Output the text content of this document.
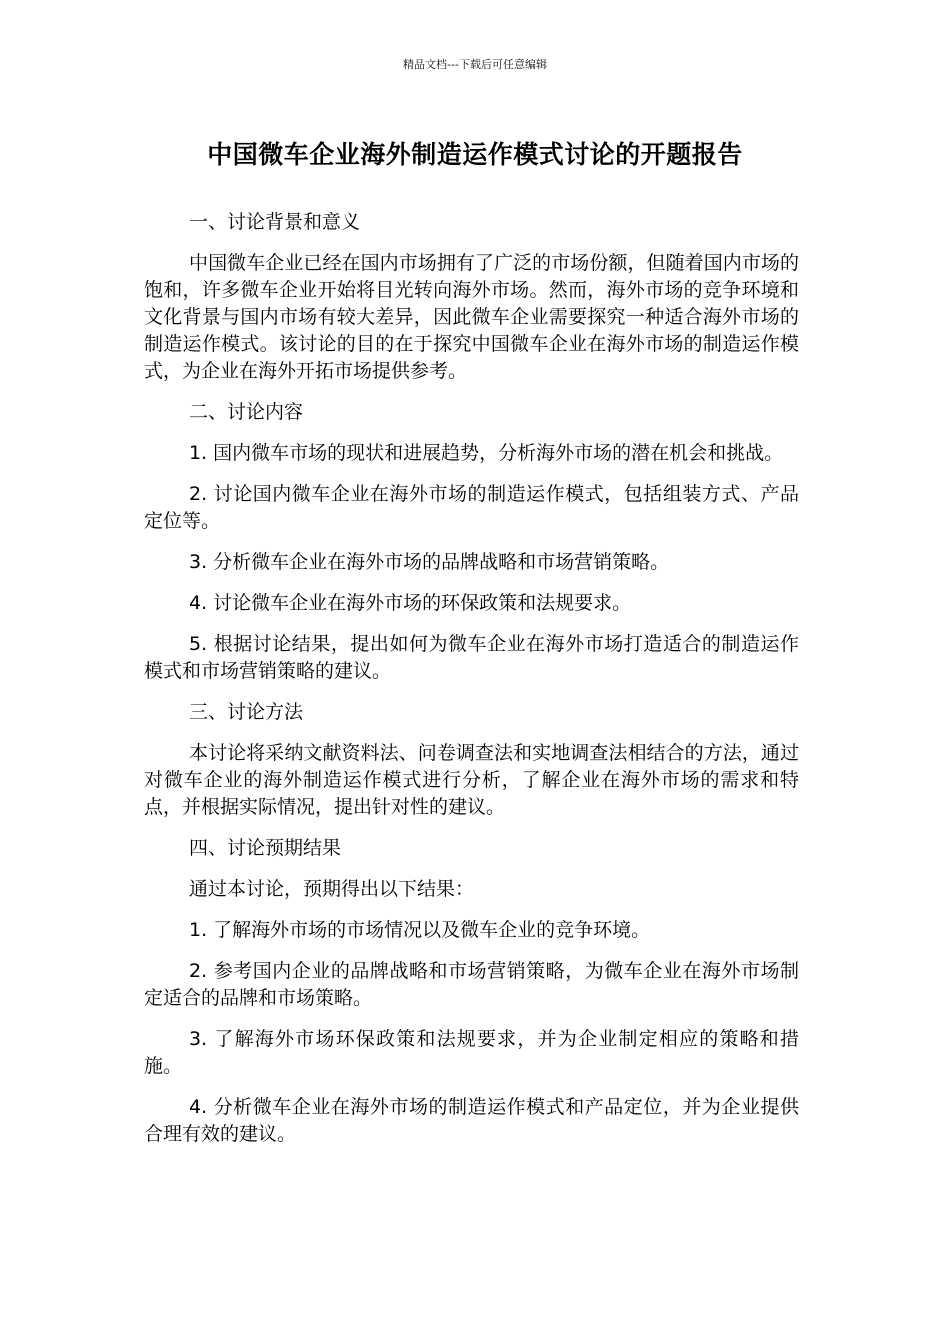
精品文档---下载后可任意编辑
中国微车企业海外制造运作模式讨论的开题报告

一、讨论背景和意义

中国微车企业已经在国内市场拥有了广泛的市场份额，但随着国内市场的饱和，许多微车企业开始将目光转向海外市场。然而，海外市场的竞争环境和文化背景与国内市场有较大差异，因此微车企业需要探究一种适合海外市场的制造运作模式。该讨论的目的在于探究中国微车企业在海外市场的制造运作模式，为企业在海外开拓市场提供参考。

二、讨论内容

1. 国内微车市场的现状和进展趋势，分析海外市场的潜在机会和挑战。

2. 讨论国内微车企业在海外市场的制造运作模式，包括组装方式、产品定位等。

3. 分析微车企业在海外市场的品牌战略和市场营销策略。

4. 讨论微车企业在海外市场的环保政策和法规要求。

5. 根据讨论结果，提出如何为微车企业在海外市场打造适合的制造运作模式和市场营销策略的建议。

三、讨论方法

本讨论将采纳文献资料法、问卷调查法和实地调查法相结合的方法，通过对微车企业的海外制造运作模式进行分析，了解企业在海外市场的需求和特点，并根据实际情况，提出针对性的建议。

四、讨论预期结果

通过本讨论，预期得出以下结果：

1. 了解海外市场的市场情况以及微车企业的竞争环境。

2. 参考国内企业的品牌战略和市场营销策略，为微车企业在海外市场制定适合的品牌和市场策略。

3. 了解海外市场环保政策和法规要求，并为企业制定相应的策略和措施。

4. 分析微车企业在海外市场的制造运作模式和产品定位，并为企业提供合理有效的建议。
